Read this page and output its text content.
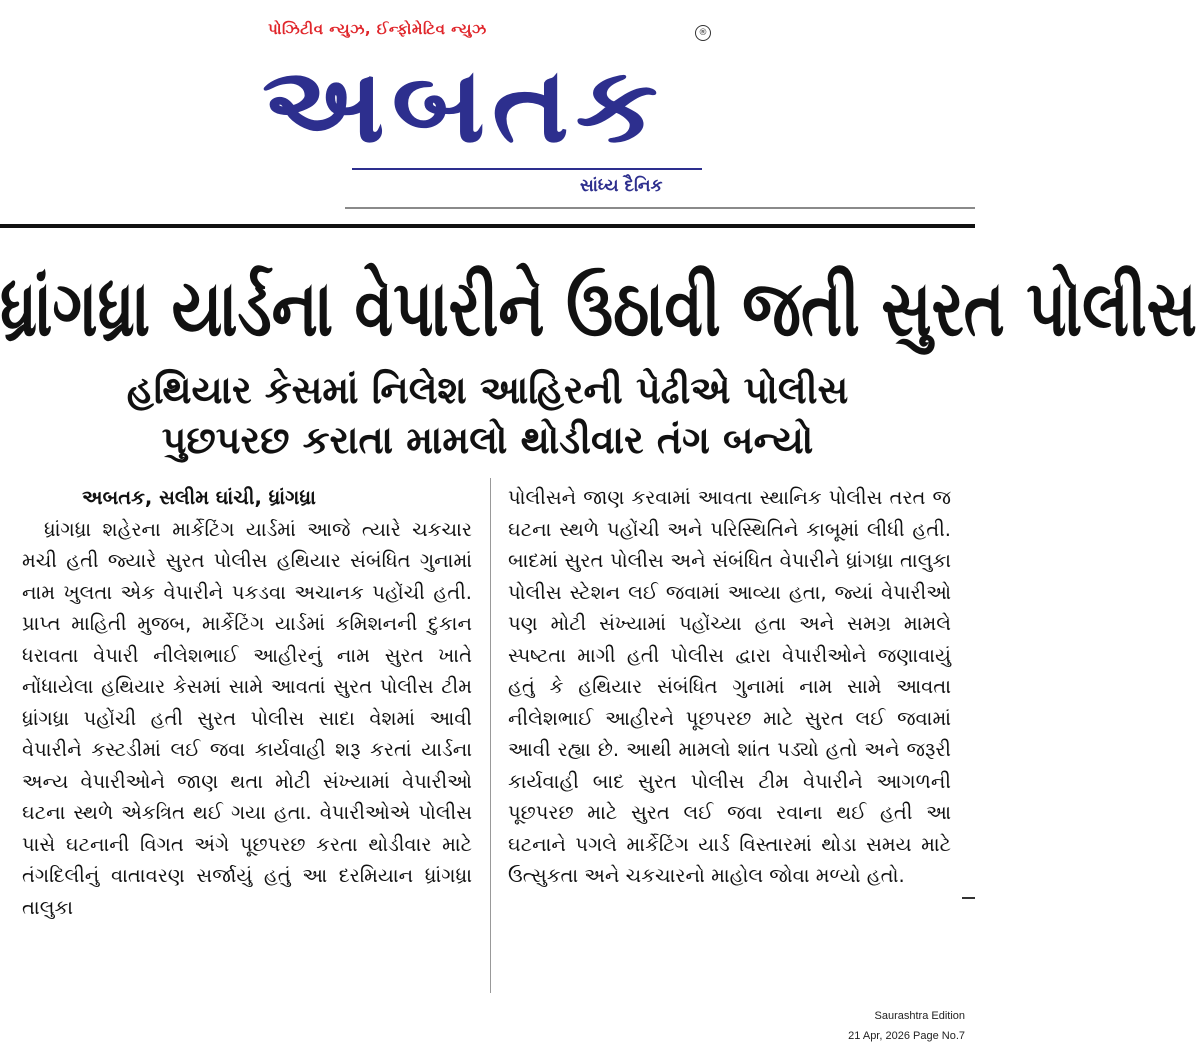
પોઝિટીવ ન્યુઝ, ઈન્ફોમેટિવ ન્યુઝ	®
અબતક
સાંધ્ય દૈનિક
ધ્રાંગધ્રા યાર્ડના વેપારીને ઉઠાવી જતી સુરત પોલીસ
હથિયાર કેસમાં નિલેશ આહિરની પેઢીએ પોલીસ
પુછપરછ કરાતા મામલો થોડીવાર તંગ બન્યો

અબતક, સલીમ ઘાંચી, ધ્રાંગધ્રા

ધ્રાંગધ્રા શહેરના માર્કેટિંગ યાર્ડમાં આજે ત્યારે ચકચાર મચી હતી જ્યારે સુરત પોલીસ હથિયાર સંબંધિત ગુનામાં નામ ખુલતા એક વેપારીને પકડવા અચાનક પહોંચી હતી. પ્રાપ્ત માહિતી મુજબ, માર્કેટિંગ યાર્ડમાં કમિશનની દુકાન ધરાવતા વેપારી નીલેશભાઈ આહીરનું નામ સુરત ખાતે નોંધાયેલા હથિયાર કેસમાં સામે આવતાં સુરત પોલીસ ટીમ ધ્રાંગધ્રા પહોંચી હતી સુરત પોલીસ સાદા વેશમાં આવી વેપારીને કસ્ટડીમાં લઈ જવા કાર્યવાહી શરૂ કરતાં યાર્ડના અન્ય વેપારીઓને જાણ થતા મોટી સંખ્યામાં વેપારીઓ ઘટના સ્થળે એકત્રિત થઈ ગયા હતા. વેપારીઓએ પોલીસ પાસે ઘટનાની વિગત અંગે પૂછપરછ કરતા થોડીવાર માટે તંગદિલીનું વાતાવરણ સર્જાયું હતું આ દરમિયાન ધ્રાંગધ્રા તાલુકા

પોલીસને જાણ કરવામાં આવતા સ્થાનિક પોલીસ તરત જ ઘટના સ્થળે પહોંચી અને પરિસ્થિતિને કાબૂમાં લીધી હતી. બાદમાં સુરત પોલીસ અને સંબંધિત વેપારીને ધ્રાંગધ્રા તાલુકા પોલીસ સ્ટેશન લઈ જવામાં આવ્યા હતા, જ્યાં વેપારીઓ પણ મોટી સંખ્યામાં પહોંચ્યા હતા અને સમગ્ર મામલે સ્પષ્ટતા માગી હતી પોલીસ દ્વારા વેપારીઓને જણાવાયું હતું કે હથિયાર સંબંધિત ગુનામાં નામ સામે આવતા નીલેશભાઈ આહીરને પૂછપરછ માટે સુરત લઈ જવામાં આવી રહ્યા છે. આથી મામલો શાંત પડ્યો હતો અને જરૂરી કાર્યવાહી બાદ સુરત પોલીસ ટીમ વેપારીને આગળની પૂછપરછ માટે સુરત લઈ જવા રવાના થઈ હતી આ ઘટનાને પગલે માર્કેટિંગ યાર્ડ વિસ્તારમાં થોડા સમય માટે ઉત્સુકતા અને ચકચારનો માહોલ જોવા મળ્યો હતો.

Saurashtra Edition
21 Apr, 2026 Page No.7
